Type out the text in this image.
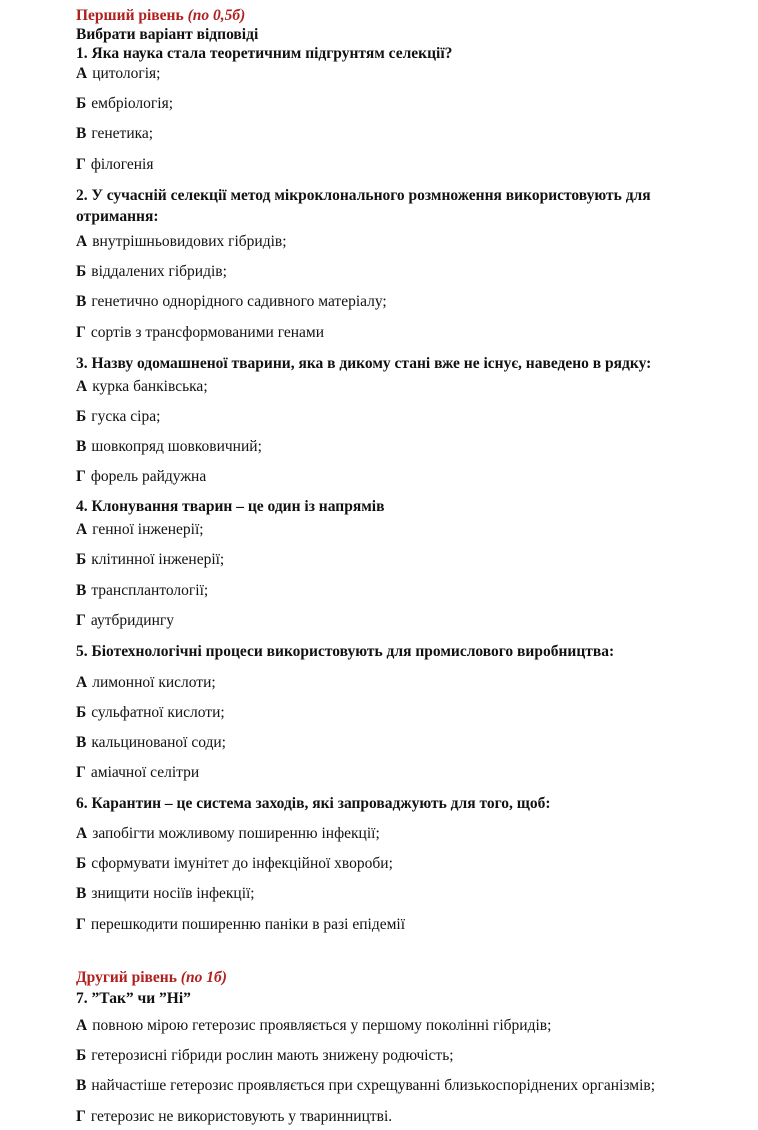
Перший рівень (по 0,5б)
Вибрати варіант відповіді
1. Яка наука стала теоретичним підгрунтям селекції?
А цитологія;
Б ембріологія;
В генетика;
Г філогенія
2. У сучасній селекції метод мікроклонального розмноження використовують для
отримання:
А внутрішньовидових гібридів;
Б віддалених гібридів;
В генетично однорідного садивного матеріалу;
Г сортів з трансформованими генами
3. Назву одомашненої тварини, яка в дикому стані вже не існує, наведено в рядку:
А курка банківська;
Б гуска сіра;
В шовкопряд шовковичний;
Г форель райдужна
4. Клонування тварин – це один із напрямів
А генної інженерії;
Б клітинної інженерії;
В трансплантології;
Г аутбридингу
5. Біотехнологічні процеси використовують для промислового виробництва:
А лимонної кислоти;
Б сульфатної кислоти;
В кальцинованої соди;
Г аміачної селітри
6. Карантин – це система заходів, які запроваджують для того, щоб:
А запобігти можливому поширенню інфекції;
Б сформувати імунітет до інфекційної хвороби;
В знищити носіїв інфекції;
Г перешкодити поширенню паніки в разі епідемії
Другий рівень (по 1б)
7. ”Так” чи ”Ні”
А повною мірою гетерозис проявляється у першому поколінні гібридів;
Б гетерозисні гібриди рослин мають знижену родючість;
В найчастіше гетерозис проявляється при схрещуванні близькоспоріднених організмів;
Г гетерозис не використовують у тваринництві.
